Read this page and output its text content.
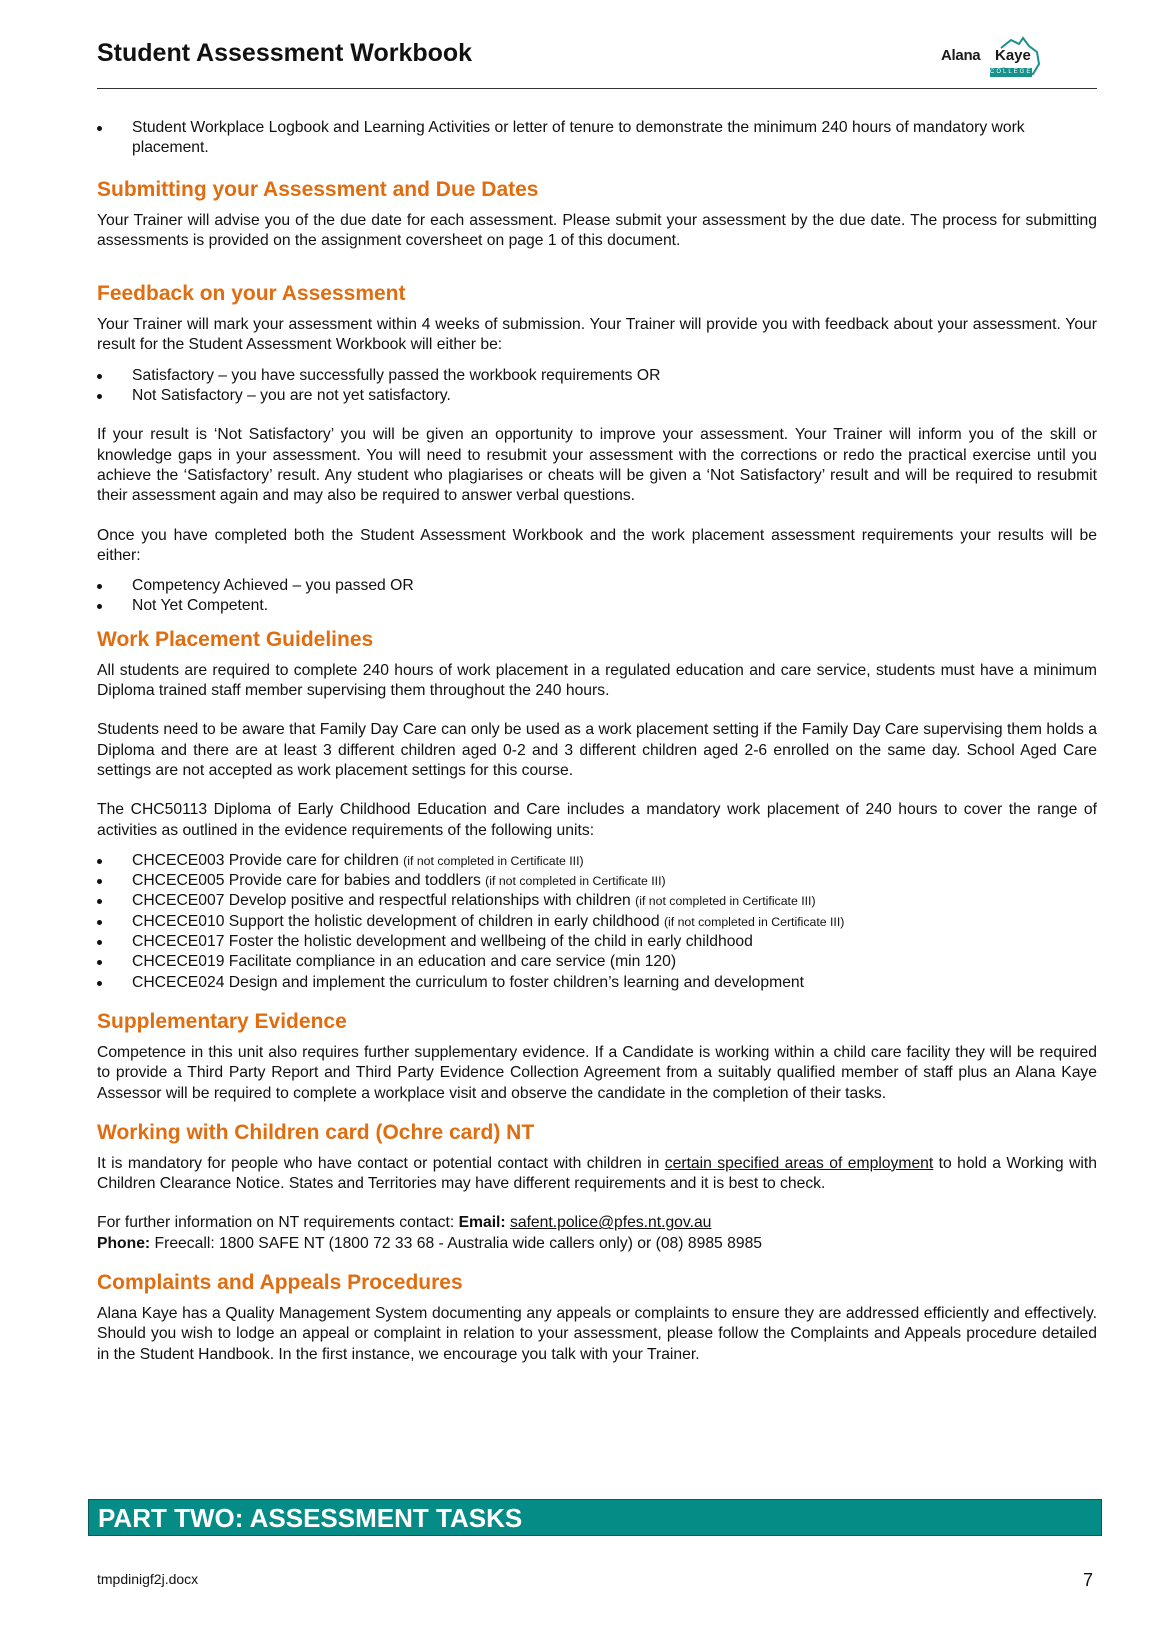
Student Assessment Workbook	Alana Kaye
COLLEGE
Student Workplace Logbook and Learning Activities or letter of tenure to demonstrate the minimum 240 hours of mandatory work placement.
Submitting your Assessment and Due Dates

Your Trainer will advise you of the due date for each assessment. Please submit your assessment by the due date. The process for submitting assessments is provided on the assignment coversheet on page 1 of this document.

Feedback on your Assessment

Your Trainer will mark your assessment within 4 weeks of submission. Your Trainer will provide you with feedback about your assessment. Your result for the Student Assessment Workbook will either be:

Satisfactory – you have successfully passed the workbook requirements OR
Not Satisfactory – you are not yet satisfactory.

If your result is ‘Not Satisfactory’ you will be given an opportunity to improve your assessment. Your Trainer will inform you of the skill or knowledge gaps in your assessment. You will need to resubmit your assessment with the corrections or redo the practical exercise until you achieve the ‘Satisfactory’ result. Any student who plagiarises or cheats will be given a ‘Not Satisfactory’ result and will be required to resubmit their assessment again and may also be required to answer verbal questions.

Once you have completed both the Student Assessment Workbook and the work placement assessment requirements your results will be either:

Competency Achieved – you passed OR
Not Yet Competent.
Work Placement Guidelines

All students are required to complete 240 hours of work placement in a regulated education and care service, students must have a minimum Diploma trained staff member supervising them throughout the 240 hours.

Students need to be aware that Family Day Care can only be used as a work placement setting if the Family Day Care supervising them holds a Diploma and there are at least 3 different children aged 0-2 and 3 different children aged 2-6 enrolled on the same day. School Aged Care settings are not accepted as work placement settings for this course.

The CHC50113 Diploma of Early Childhood Education and Care includes a mandatory work placement of 240 hours to cover the range of activities as outlined in the evidence requirements of the following units:

CHCECE003 Provide care for children (if not completed in Certificate III)
CHCECE005 Provide care for babies and toddlers (if not completed in Certificate III)
CHCECE007 Develop positive and respectful relationships with children (if not completed in Certificate III)
CHCECE010 Support the holistic development of children in early childhood (if not completed in Certificate III)
CHCECE017 Foster the holistic development and wellbeing of the child in early childhood
CHCECE019 Facilitate compliance in an education and care service (min 120)
CHCECE024 Design and implement the curriculum to foster children’s learning and development
Supplementary Evidence

Competence in this unit also requires further supplementary evidence. If a Candidate is working within a child care facility they will be required to provide a Third Party Report and Third Party Evidence Collection Agreement from a suitably qualified member of staff plus an Alana Kaye Assessor will be required to complete a workplace visit and observe the candidate in the completion of their tasks.

Working with Children card (Ochre card) NT

It is mandatory for people who have contact or potential contact with children in certain specified areas of employment to hold a Working with Children Clearance Notice. States and Territories may have different requirements and it is best to check.

For further information on NT requirements contact: Email: safent.police@pfes.nt.gov.au
Phone: Freecall: 1800 SAFE NT (1800 72 33 68 - Australia wide callers only) or (08) 8985 8985

Complaints and Appeals Procedures

Alana Kaye has a Quality Management System documenting any appeals or complaints to ensure they are addressed efficiently and effectively. Should you wish to lodge an appeal or complaint in relation to your assessment, please follow the Complaints and Appeals procedure detailed in the Student Handbook. In the first instance, we encourage you talk with your Trainer.

PART TWO: ASSESSMENT TASKS
tmpdinigf2j.docx	7
